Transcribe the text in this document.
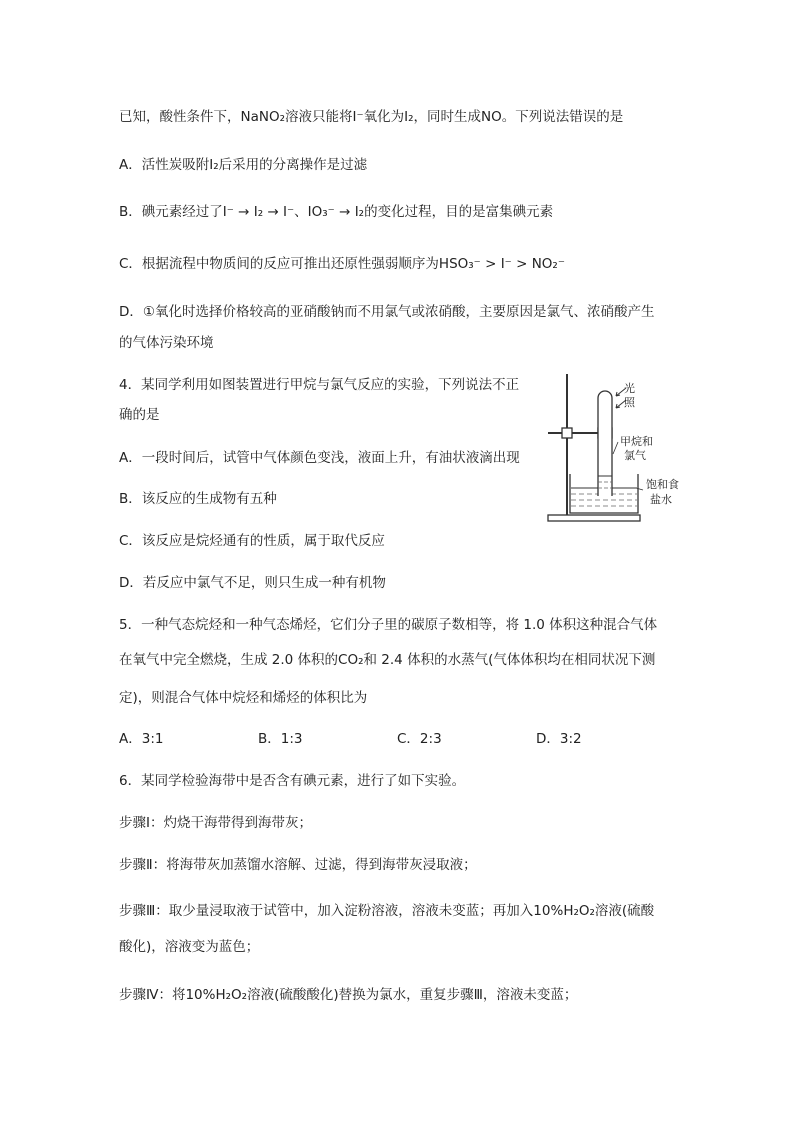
已知，酸性条件下，NaNO₂溶液只能将I⁻氧化为I₂，同时生成NO。下列说法错误的是
A．活性炭吸附I₂后采用的分离操作是过滤
B．碘元素经过了I⁻ → I₂ → I⁻、IO₃⁻ → I₂的变化过程，目的是富集碘元素
C．根据流程中物质间的反应可推出还原性强弱顺序为HSO₃⁻ > I⁻ > NO₂⁻
D．①氧化时选择价格较高的亚硝酸钠而不用氯气或浓硝酸，主要原因是氯气、浓硝酸产生
的气体污染环境
4．某同学利用如图装置进行甲烷与氯气反应的实验，下列说法不正
确的是
A．一段时间后，试管中气体颜色变浅，液面上升，有油状液滴出现
B．该反应的生成物有五种
C．该反应是烷烃通有的性质，属于取代反应
D．若反应中氯气不足，则只生成一种有机物
5．一种气态烷烃和一种气态烯烃，它们分子里的碳原子数相等，将 1.0 体积这种混合气体
在氧气中完全燃烧，生成 2.0 体积的CO₂和 2.4 体积的水蒸气(气体体积均在相同状况下测
定)，则混合气体中烷烃和烯烃的体积比为
A．3:1	B．1:3	C．2:3	D．3:2
6．某同学检验海带中是否含有碘元素，进行了如下实验。
步骤Ⅰ：灼烧干海带得到海带灰；
步骤Ⅱ：将海带灰加蒸馏水溶解、过滤，得到海带灰浸取液；
步骤Ⅲ：取少量浸取液于试管中，加入淀粉溶液，溶液未变蓝；再加入10%H₂O₂溶液(硫酸
酸化)，溶液变为蓝色；
步骤Ⅳ：将10%H₂O₂溶液(硫酸酸化)替换为氯水，重复步骤Ⅲ，溶液未变蓝；
光
照
甲烷和
氯气
饱和食
盐水
